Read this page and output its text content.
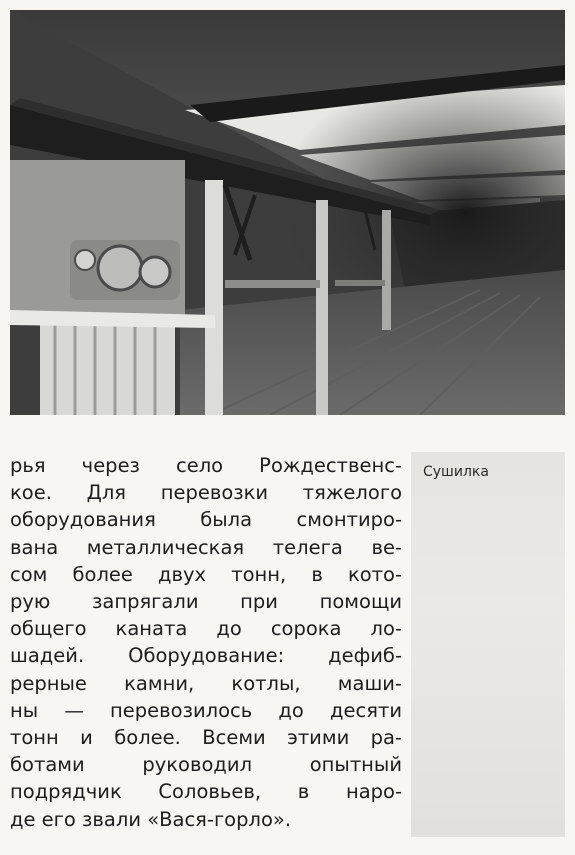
рья через село Рождественс-
кое. Для перевозки тяжелого
оборудования была смонтиро-
вана металлическая телега ве-
сом более двух тонн, в кото-
рую запрягали при помощи
общего каната до сорока ло-
шадей. Оборудование: дефиб-
рерные камни, котлы, маши-
ны — перевозилось до десяти
тонн и более. Всеми этими ра-
ботами руководил опытный
подрядчик Соловьев, в наро-
де его звали «Вася-горло».
Сушилка
